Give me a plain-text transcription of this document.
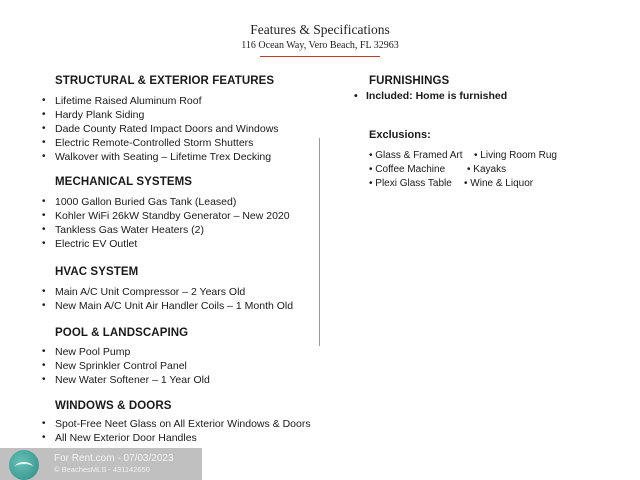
Features & Specifications
116 Ocean Way, Vero Beach, FL 32963
STRUCTURAL & EXTERIOR FEATURES
• Lifetime Raised Aluminum Roof
• Hardy Plank Siding
• Dade County Rated Impact Doors and Windows
• Electric Remote-Controlled Storm Shutters
• Walkover with Seating – Lifetime Trex Decking
MECHANICAL SYSTEMS
• 1000 Gallon Buried Gas Tank (Leased)
• Kohler WiFi 26kW Standby Generator – New 2020
• Tankless Gas Water Heaters (2)
• Electric EV Outlet
HVAC SYSTEM
• Main A/C Unit Compressor – 2 Years Old
• New Main A/C Unit Air Handler Coils – 1 Month Old
POOL & LANDSCAPING
• New Pool Pump
• New Sprinkler Control Panel
• New Water Softener – 1 Year Old
WINDOWS & DOORS
• Spot-Free Neet Glass on All Exterior Windows & Doors
• All New Exterior Door Handles
FURNISHINGS
• Included: Home is furnished
Exclusions:
• Glass & Framed Art • Living Room Rug
• Coffee Machine • Kayaks
• Plexi Glass Table • Wine & Liquor
For Rent.com - 07/03/2023
© BeachesMLS - 431142650
